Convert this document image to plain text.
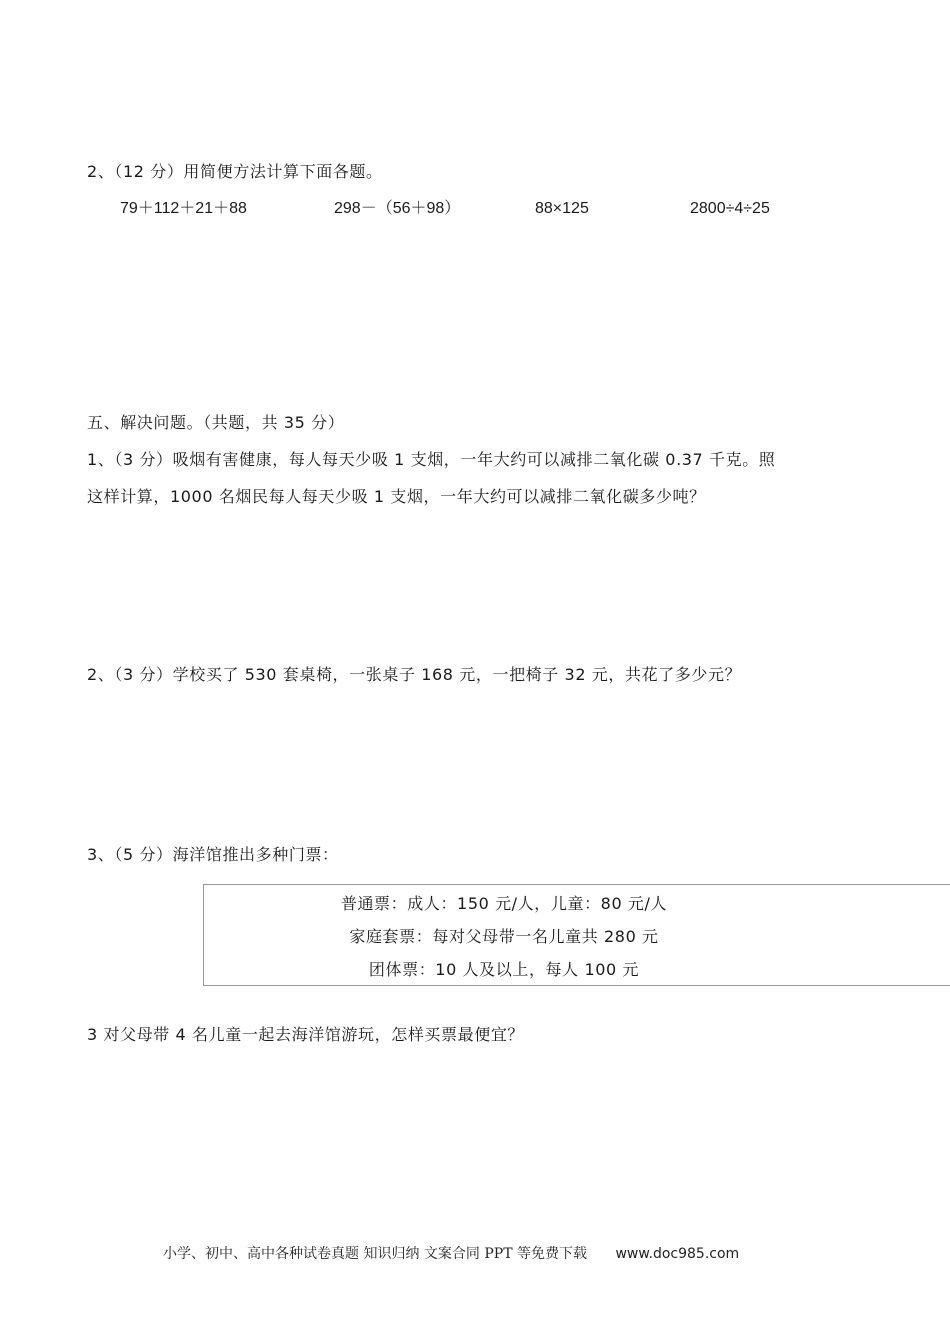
2、（12 分）用简便方法计算下面各题。
79＋112＋21＋88	298－（56＋98）	88×125	2800÷4÷25
五、解决问题。（共题，共 35 分）
1、（3 分）吸烟有害健康，每人每天少吸 1 支烟，一年大约可以减排二氧化碳 0.37 千克。照
这样计算，1000 名烟民每人每天少吸 1 支烟，一年大约可以减排二氧化碳多少吨？
2、（3 分）学校买了 530 套桌椅，一张桌子 168 元，一把椅子 32 元，共花了多少元？
3、（5 分）海洋馆推出多种门票：
普通票：成人：150 元/人，儿童：80 元/人
家庭套票：每对父母带一名儿童共 280 元
团体票：10 人及以上，每人 100 元
3 对父母带 4 名儿童一起去海洋馆游玩，怎样买票最便宜？
小学、初中、高中各种试卷真题 知识归纳 文案合同 PPT 等免费下载 www.doc985.com
